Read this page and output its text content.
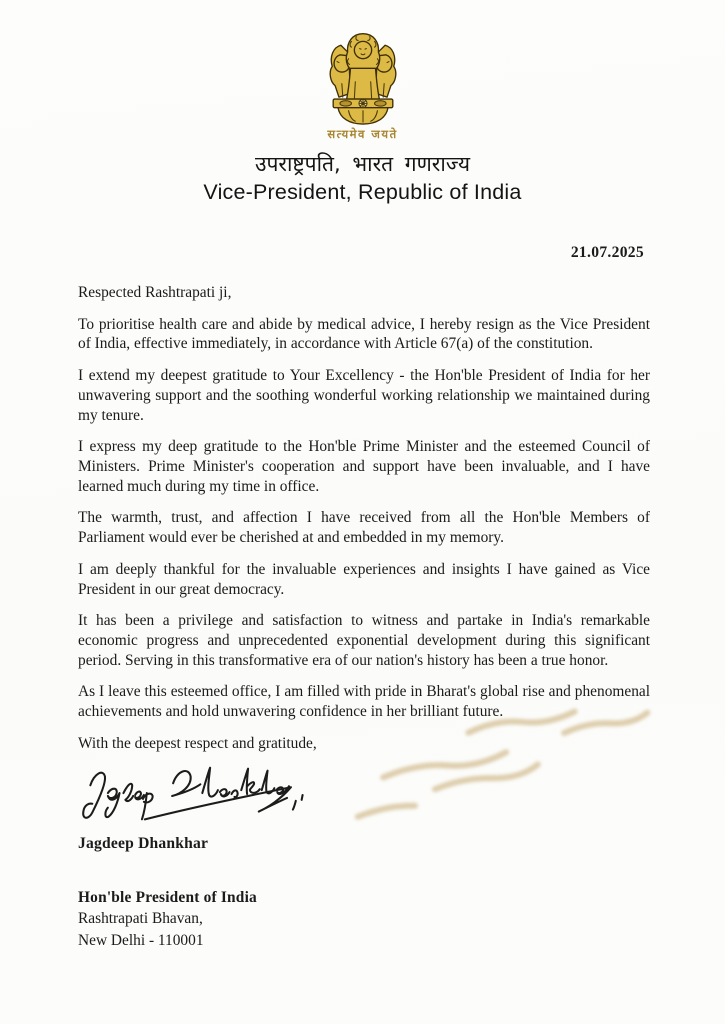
सत्यमेव जयते
उपराष्ट्रपति, भारत गणराज्य
Vice-President, Republic of India
21.07.2025
Respected Rashtrapati ji,

To prioritise health care and abide by medical advice, I hereby resign as the Vice President of India, effective immediately, in accordance with Article 67(a) of the constitution.

I extend my deepest gratitude to Your Excellency - the Hon'ble President of India for her unwavering support and the soothing wonderful working relationship we maintained during my tenure.

I express my deep gratitude to the Hon'ble Prime Minister and the esteemed Council of Ministers. Prime Minister's cooperation and support have been invaluable, and I have learned much during my time in office.

The warmth, trust, and affection I have received from all the Hon'ble Members of Parliament would ever be cherished at and embedded in my memory.

I am deeply thankful for the invaluable experiences and insights I have gained as Vice President in our great democracy.

It has been a privilege and satisfaction to witness and partake in India's remarkable economic progress and unprecedented exponential development during this significant period. Serving in this transformative era of our nation's history has been a true honor.

As I leave this esteemed office, I am filled with pride in Bharat's global rise and phenomenal achievements and hold unwavering confidence in her brilliant future.

With the deepest respect and gratitude,
Jagdeep Dhankhar
Hon'ble President of India
Rashtrapati Bhavan,
New Delhi - 110001
